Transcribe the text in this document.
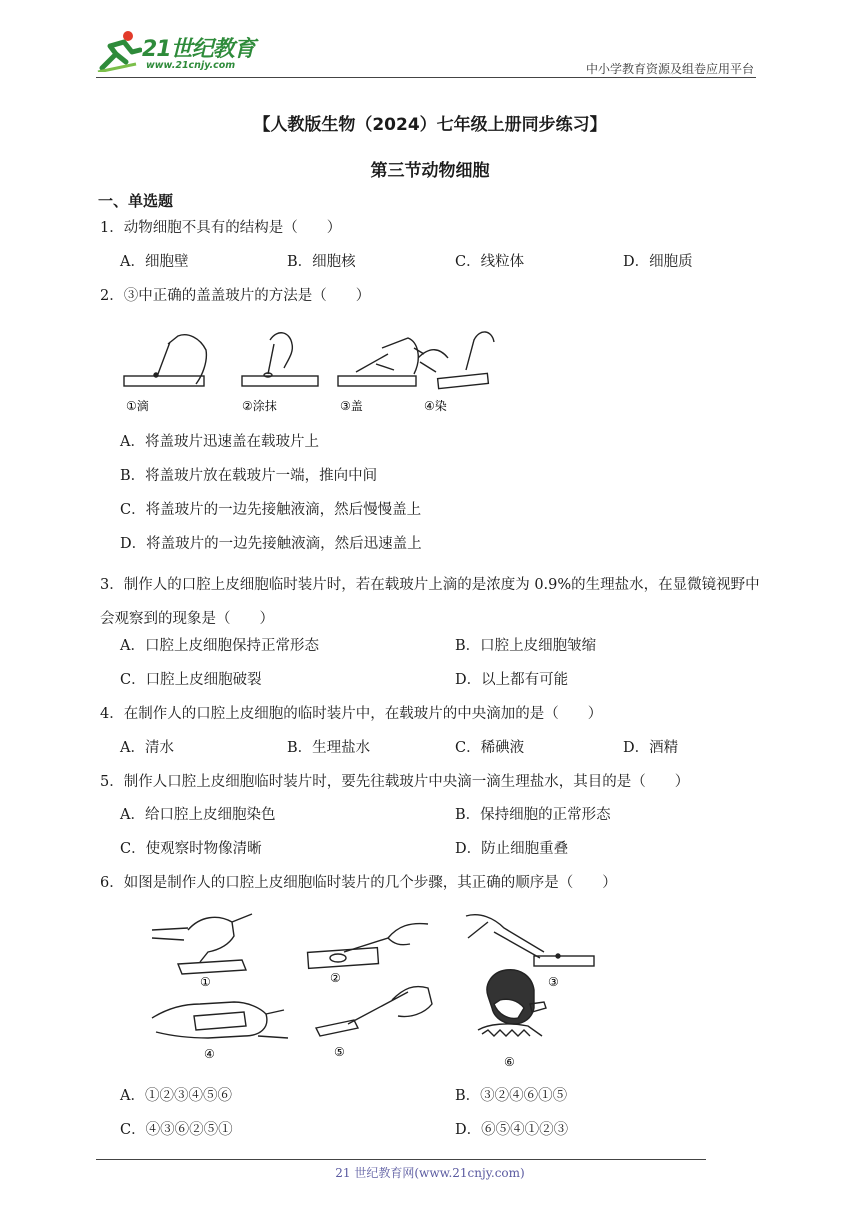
21世纪教育
www.21cnjy.com	中小学教育资源及组卷应用平台
【人教版生物（2024）七年级上册同步练习】
第三节动物细胞
一、单选题
1．动物细胞不具有的结构是（　　）
A．细胞壁	B．细胞核	C．线粒体	D．细胞质
2．③中正确的盖盖玻片的方法是（　　）
①滴	②涂抹	③盖	④染
A．将盖玻片迅速盖在载玻片上
B．将盖玻片放在载玻片一端，推向中间
C．将盖玻片的一边先接触液滴，然后慢慢盖上
D．将盖玻片的一边先接触液滴，然后迅速盖上
3．制作人的口腔上皮细胞临时装片时，若在载玻片上滴的是浓度为 0.9%的生理盐水，在显微镜视野中会观察到的现象是（　　）
A．口腔上皮细胞保持正常形态	B．口腔上皮细胞皱缩
C．口腔上皮细胞破裂	D．以上都有可能
4．在制作人的口腔上皮细胞的临时装片中，在载玻片的中央滴加的是（　　）
A．清水	B．生理盐水	C．稀碘液	D．酒精
5．制作人口腔上皮细胞临时装片时，要先往载玻片中央滴一滴生理盐水，其目的是（　　）
A．给口腔上皮细胞染色	B．保持细胞的正常形态
C．使观察时物像清晰	D．防止细胞重叠
6．如图是制作人的口腔上皮细胞临时装片的几个步骤，其正确的顺序是（　　）
①	②	③
④	⑤
⑥
A．①②③④⑤⑥	B．③②④⑥①⑤
C．④③⑥②⑤①	D．⑥⑤④①②③
21 世纪教育网(www.21cnjy.com)
